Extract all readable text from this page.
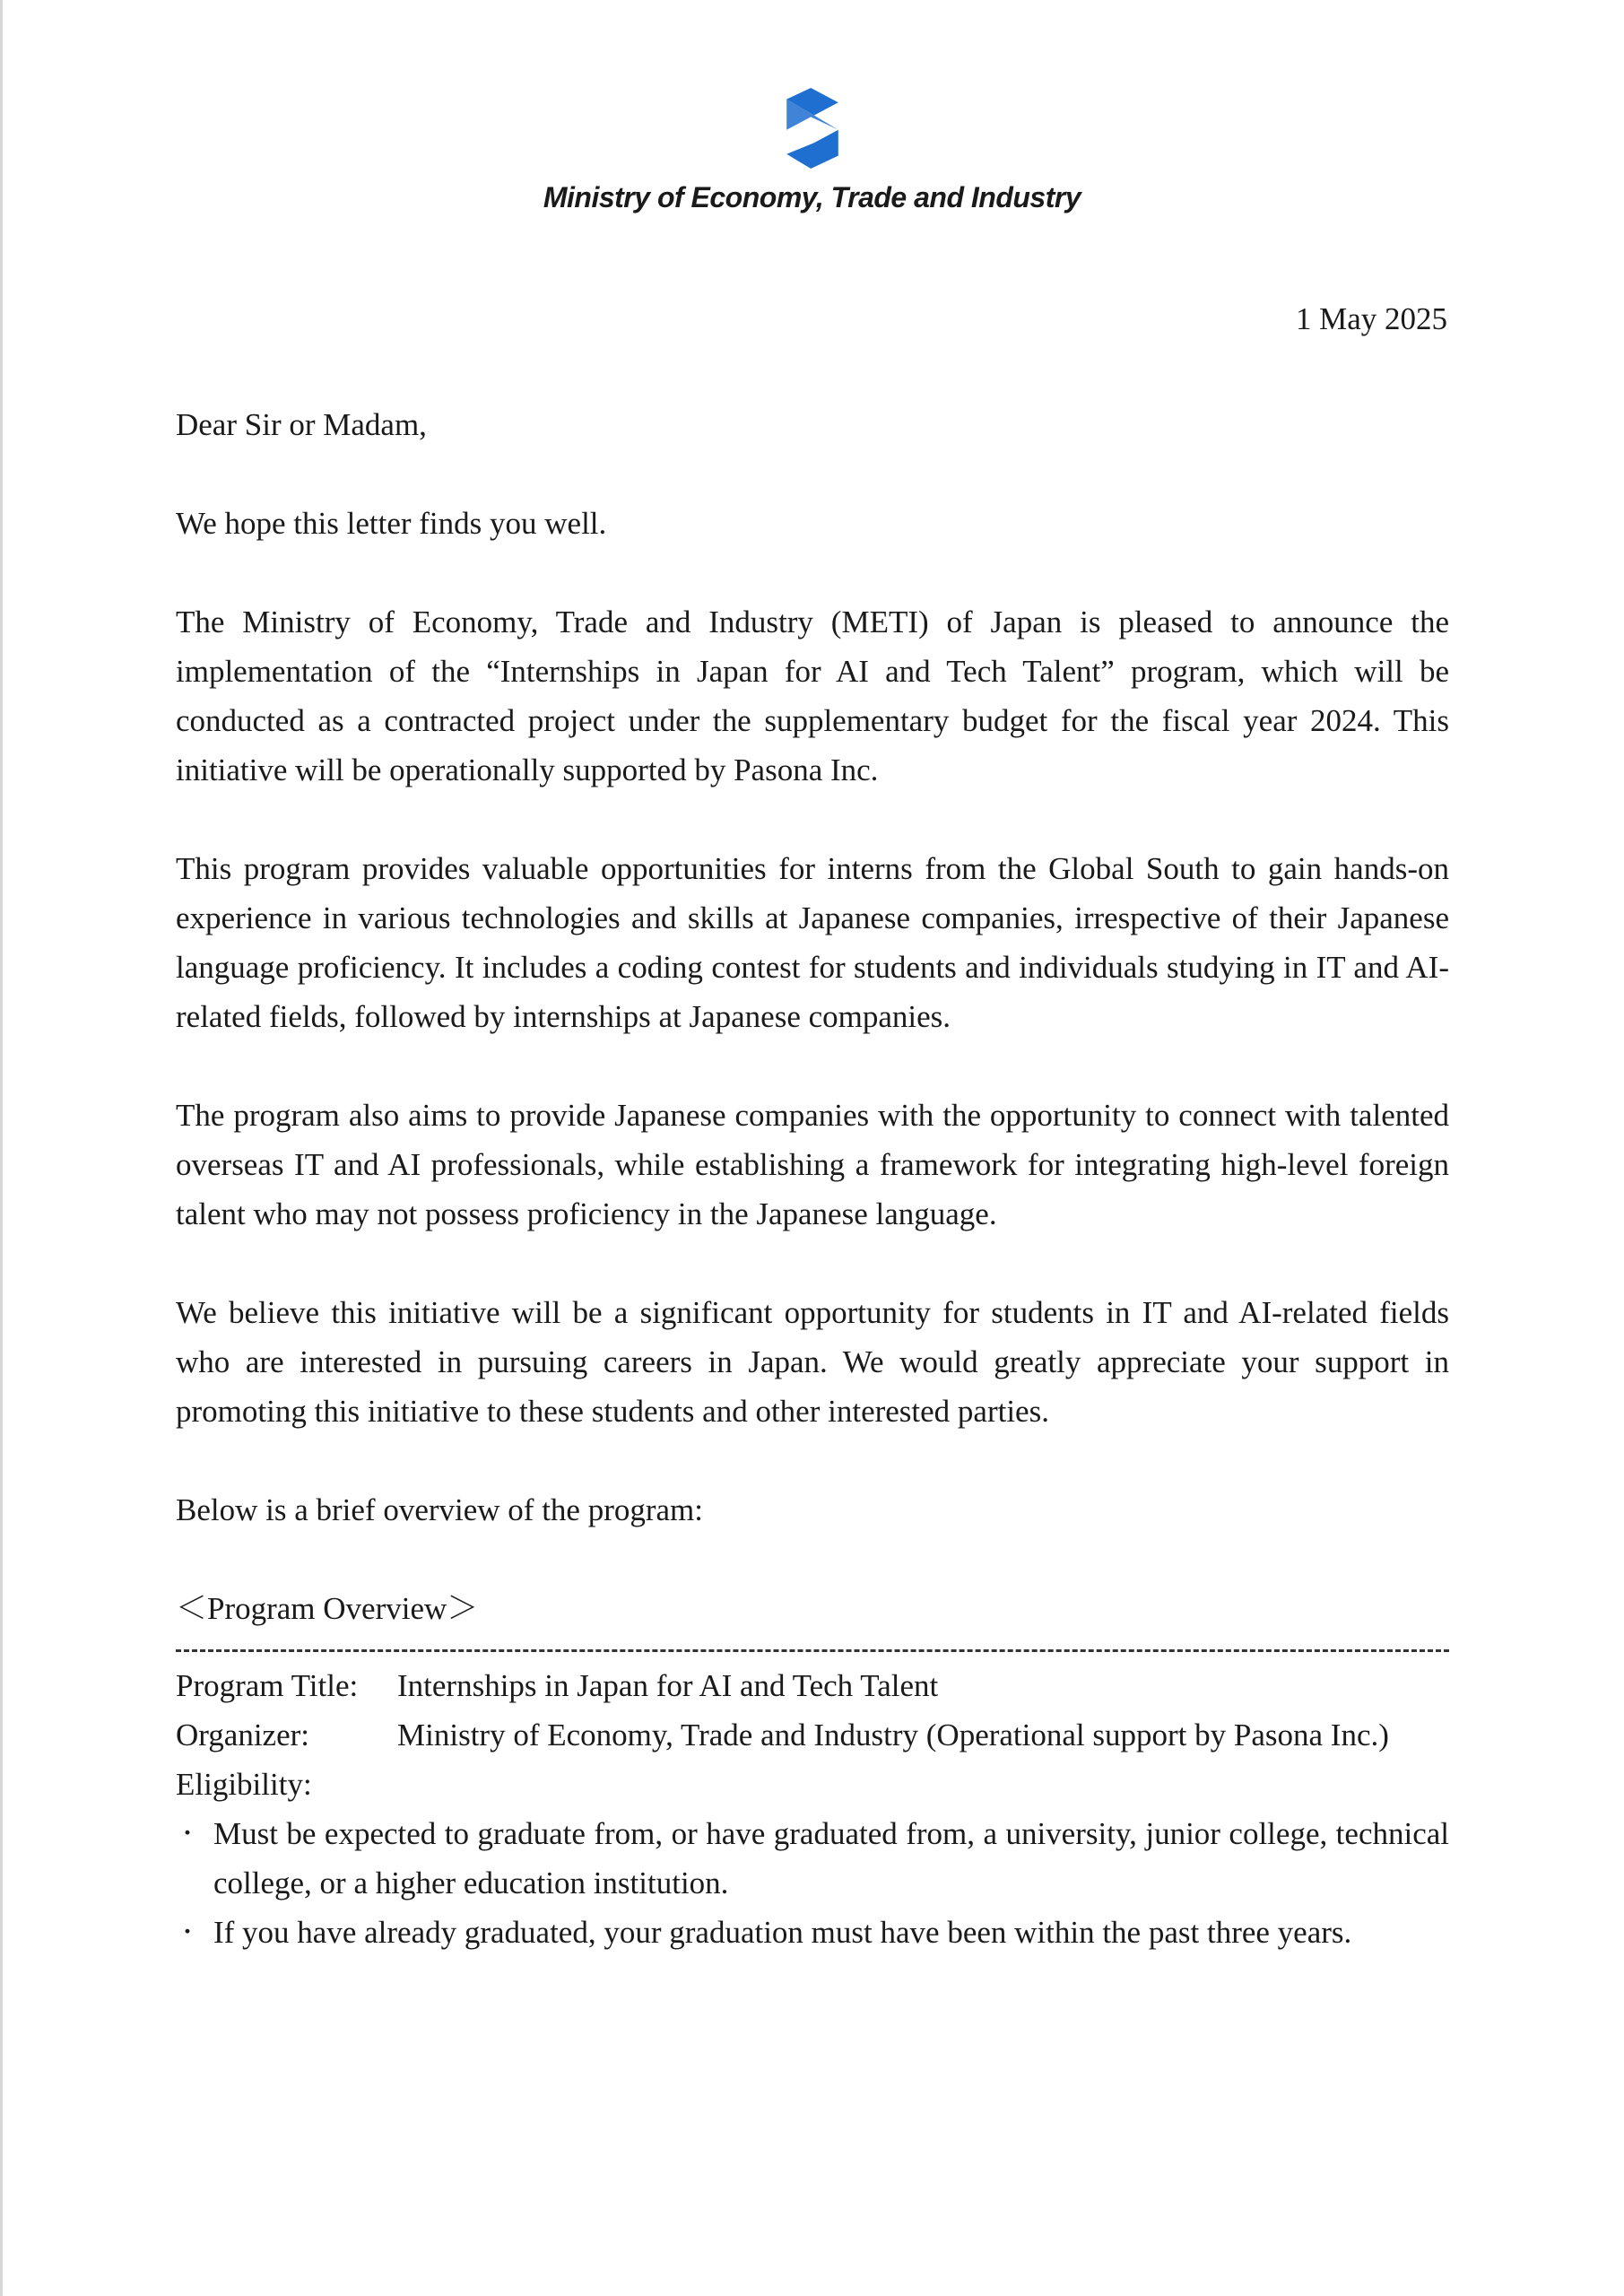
Ministry of Economy, Trade and Industry
1 May 2025

Dear Sir or Madam,

We hope this letter finds you well.

The Ministry of Economy, Trade and Industry (METI) of Japan is pleased to announce the implementation of the “Internships in Japan for AI and Tech Talent” program, which will be conducted as a contracted project under the supplementary budget for the fiscal year 2024. This initiative will be operationally supported by Pasona Inc.

This program provides valuable opportunities for interns from the Global South to gain hands-on experience in various technologies and skills at Japanese companies, irrespective of their Japanese language proficiency. It includes a coding contest for students and individuals studying in IT and AI-related fields, followed by internships at Japanese companies.

The program also aims to provide Japanese companies with the opportunity to connect with talented overseas IT and AI professionals, while establishing a framework for integrating high-level foreign talent who may not possess proficiency in the Japanese language.

We believe this initiative will be a significant opportunity for students in IT and AI-related fields who are interested in pursuing careers in Japan. We would greatly appreciate your support in promoting this initiative to these students and other interested parties.

Below is a brief overview of the program:

＜Program Overview＞
Program Title:	Internships in Japan for AI and Tech Talent
Organizer:	Ministry of Economy, Trade and Industry (Operational support by Pasona Inc.)
Eligibility:
・ Must be expected to graduate from, or have graduated from, a university, junior college, technical college, or a higher education institution.
・ If you have already graduated, your graduation must have been within the past three years.
